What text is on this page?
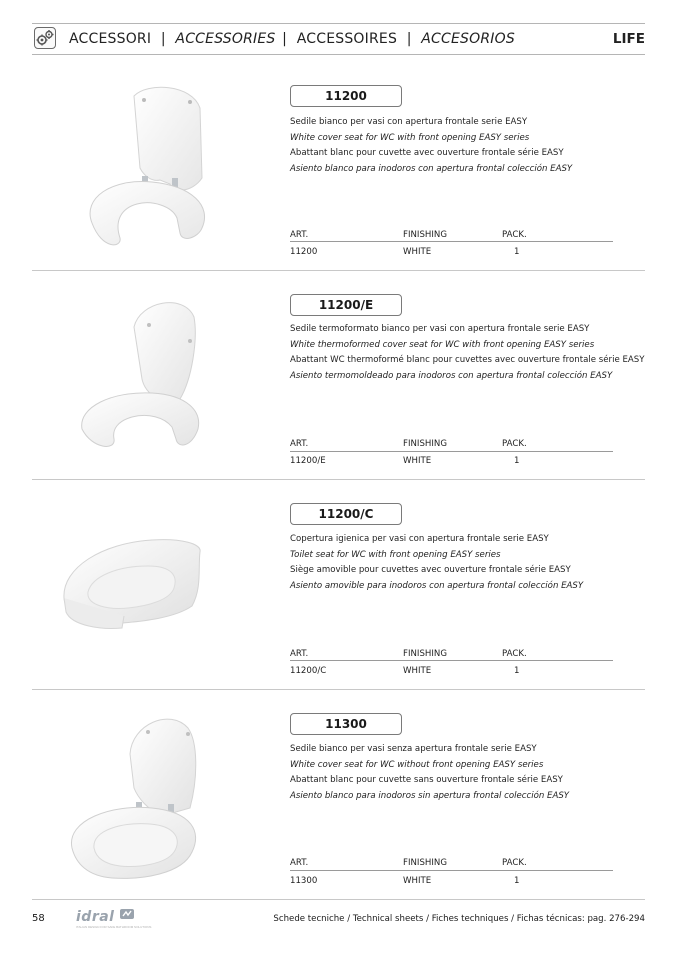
ACCESSORI | ACCESSORIES | ACCESSOIRES | ACCESORIOS	LIFE
11200
Sedile bianco per vasi con apertura frontale serie EASY
White cover seat for WC with front opening EASY series
Abattant blanc pour cuvette avec ouverture frontale série EASY
Asiento blanco para inodoros con apertura frontal colección EASY
ART.	FINISHING	PACK.
11200	WHITE	1
11200/E
Sedile termoformato bianco per vasi con apertura frontale serie EASY
White thermoformed cover seat for WC with front opening EASY series
Abattant WC thermoformé blanc pour cuvettes avec ouverture frontale série EASY
Asiento termomoldeado para inodoros con apertura frontal colección EASY
ART.	FINISHING	PACK.
11200/E	WHITE	1
11200/C
Copertura igienica per vasi con apertura frontale serie EASY
Toilet seat for WC with front opening EASY series
Siège amovible pour cuvettes avec ouverture frontale série EASY
Asiento amovible para inodoros con apertura frontal colección EASY
ART.	FINISHING	PACK.
11200/C	WHITE	1
11300
Sedile bianco per vasi senza apertura frontale serie EASY
White cover seat for WC without front opening EASY series
Abattant blanc pour cuvette sans ouverture frontale série EASY
Asiento blanco para inodoros sin apertura frontal colección EASY
ART.	FINISHING	PACK.
11300	WHITE	1
58 idral
ITALIAN DESIGN FOR SAFE BATHROOM SOLUTIONS
Schede tecniche / Technical sheets / Fiches techniques / Fichas técnicas: pag. 276-294
